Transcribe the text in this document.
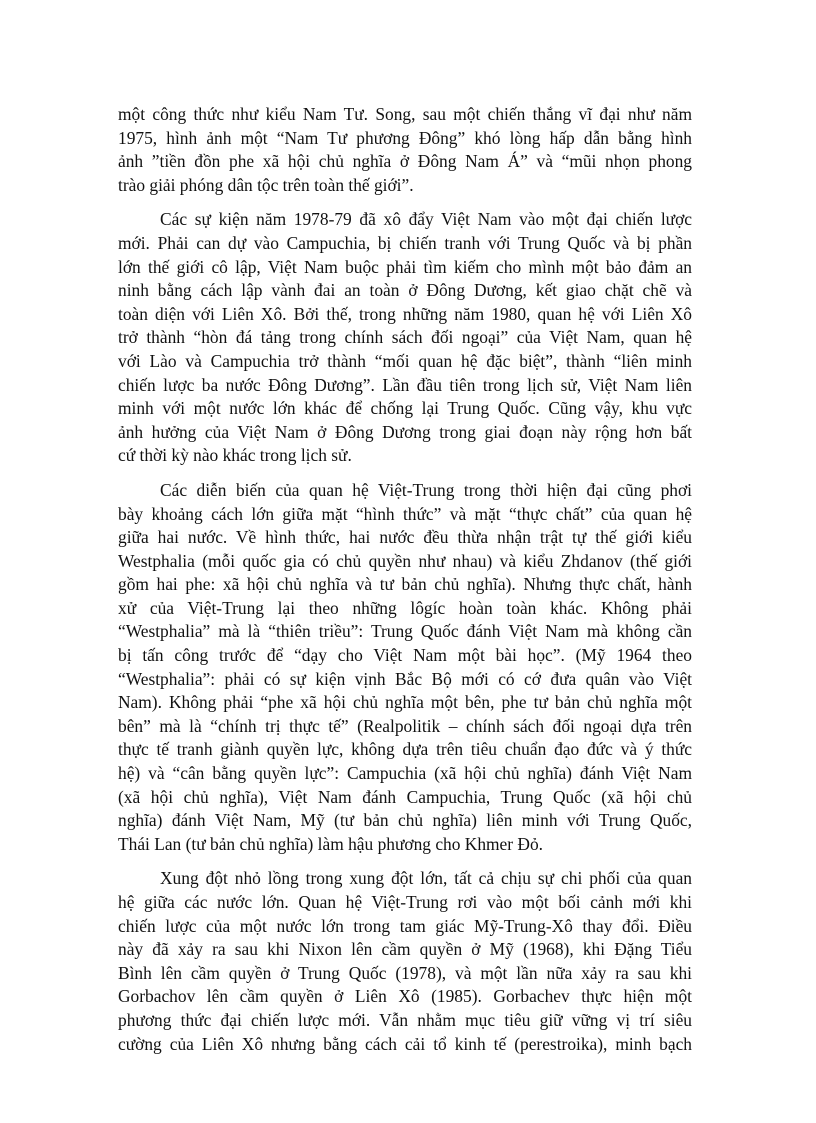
một công thức như kiểu Nam Tư. Song, sau một chiến thắng vĩ đại như năm
1975, hình ảnh một “Nam Tư phương Đông” khó lòng hấp dẫn bằng hình
ảnh ”tiền đồn phe xã hội chủ nghĩa ở Đông Nam Á” và “mũi nhọn phong
trào giải phóng dân tộc trên toàn thế giới”.
Các sự kiện năm 1978-79 đã xô đẩy Việt Nam vào một đại chiến lược
mới. Phải can dự vào Campuchia, bị chiến tranh với Trung Quốc và bị phần
lớn thế giới cô lập, Việt Nam buộc phải tìm kiếm cho mình một bảo đảm an
ninh bằng cách lập vành đai an toàn ở Đông Dương, kết giao chặt chẽ và
toàn diện với Liên Xô. Bởi thế, trong những năm 1980, quan hệ với Liên Xô
trở thành “hòn đá tảng trong chính sách đối ngoại” của Việt Nam, quan hệ
với Lào và Campuchia trở thành “mối quan hệ đặc biệt”, thành “liên minh
chiến lược ba nước Đông Dương”. Lần đầu tiên trong lịch sử, Việt Nam liên
minh với một nước lớn khác để chống lại Trung Quốc. Cũng vậy, khu vực
ảnh hưởng của Việt Nam ở Đông Dương trong giai đoạn này rộng hơn bất
cứ thời kỳ nào khác trong lịch sử.
Các diễn biến của quan hệ Việt-Trung trong thời hiện đại cũng phơi
bày khoảng cách lớn giữa mặt “hình thức” và mặt “thực chất” của quan hệ
giữa hai nước. Về hình thức, hai nước đều thừa nhận trật tự thế giới kiểu
Westphalia (mỗi quốc gia có chủ quyền như nhau) và kiểu Zhdanov (thế giới
gồm hai phe: xã hội chủ nghĩa và tư bản chủ nghĩa). Nhưng thực chất, hành
xử của Việt-Trung lại theo những lôgíc hoàn toàn khác. Không phải
“Westphalia” mà là “thiên triều”: Trung Quốc đánh Việt Nam mà không cần
bị tấn công trước để “dạy cho Việt Nam một bài học”. (Mỹ 1964 theo
“Westphalia”: phải có sự kiện vịnh Bắc Bộ mới có cớ đưa quân vào Việt
Nam). Không phải “phe xã hội chủ nghĩa một bên, phe tư bản chủ nghĩa một
bên” mà là “chính trị thực tế” (Realpolitik – chính sách đối ngoại dựa trên
thực tế tranh giành quyền lực, không dựa trên tiêu chuẩn đạo đức và ý thức
hệ) và “cân bằng quyền lực”: Campuchia (xã hội chủ nghĩa) đánh Việt Nam
(xã hội chủ nghĩa), Việt Nam đánh Campuchia, Trung Quốc (xã hội chủ
nghĩa) đánh Việt Nam, Mỹ (tư bản chủ nghĩa) liên minh với Trung Quốc,
Thái Lan (tư bản chủ nghĩa) làm hậu phương cho Khmer Đỏ.
Xung đột nhỏ lồng trong xung đột lớn, tất cả chịu sự chi phối của quan
hệ giữa các nước lớn. Quan hệ Việt-Trung rơi vào một bối cảnh mới khi
chiến lược của một nước lớn trong tam giác Mỹ-Trung-Xô thay đổi. Điều
này đã xảy ra sau khi Nixon lên cầm quyền ở Mỹ (1968), khi Đặng Tiểu
Bình lên cầm quyền ở Trung Quốc (1978), và một lần nữa xảy ra sau khi
Gorbachov lên cầm quyền ở Liên Xô (1985). Gorbachev thực hiện một
phương thức đại chiến lược mới. Vẫn nhằm mục tiêu giữ vững vị trí siêu
cường của Liên Xô nhưng bằng cách cải tổ kinh tế (perestroika), minh bạch
